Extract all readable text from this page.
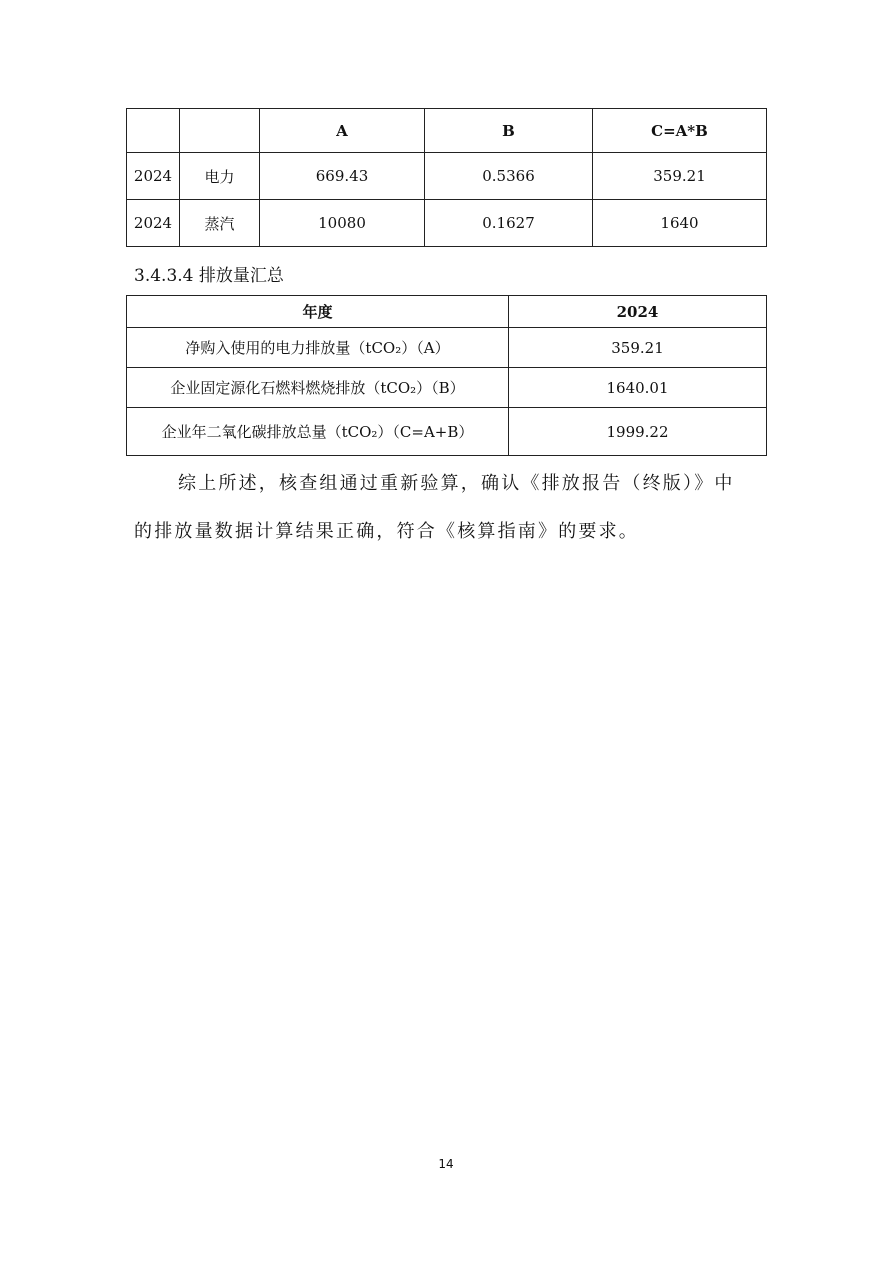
		A	B	C=A*B
2024	电力	669.43	0.5366	359.21
2024	蒸汽	10080	0.1627	1640
3.4.3.4 排放量汇总
年度	2024
净购入使用的电力排放量（tCO₂）（A）	359.21
企业固定源化石燃料燃烧排放（tCO₂）（B）	1640.01
企业年二氧化碳排放总量（tCO₂）（C=A+B）	1999.22
综上所述，核查组通过重新验算，确认《排放报告（终版）》中
的排放量数据计算结果正确，符合《核算指南》的要求。
14
